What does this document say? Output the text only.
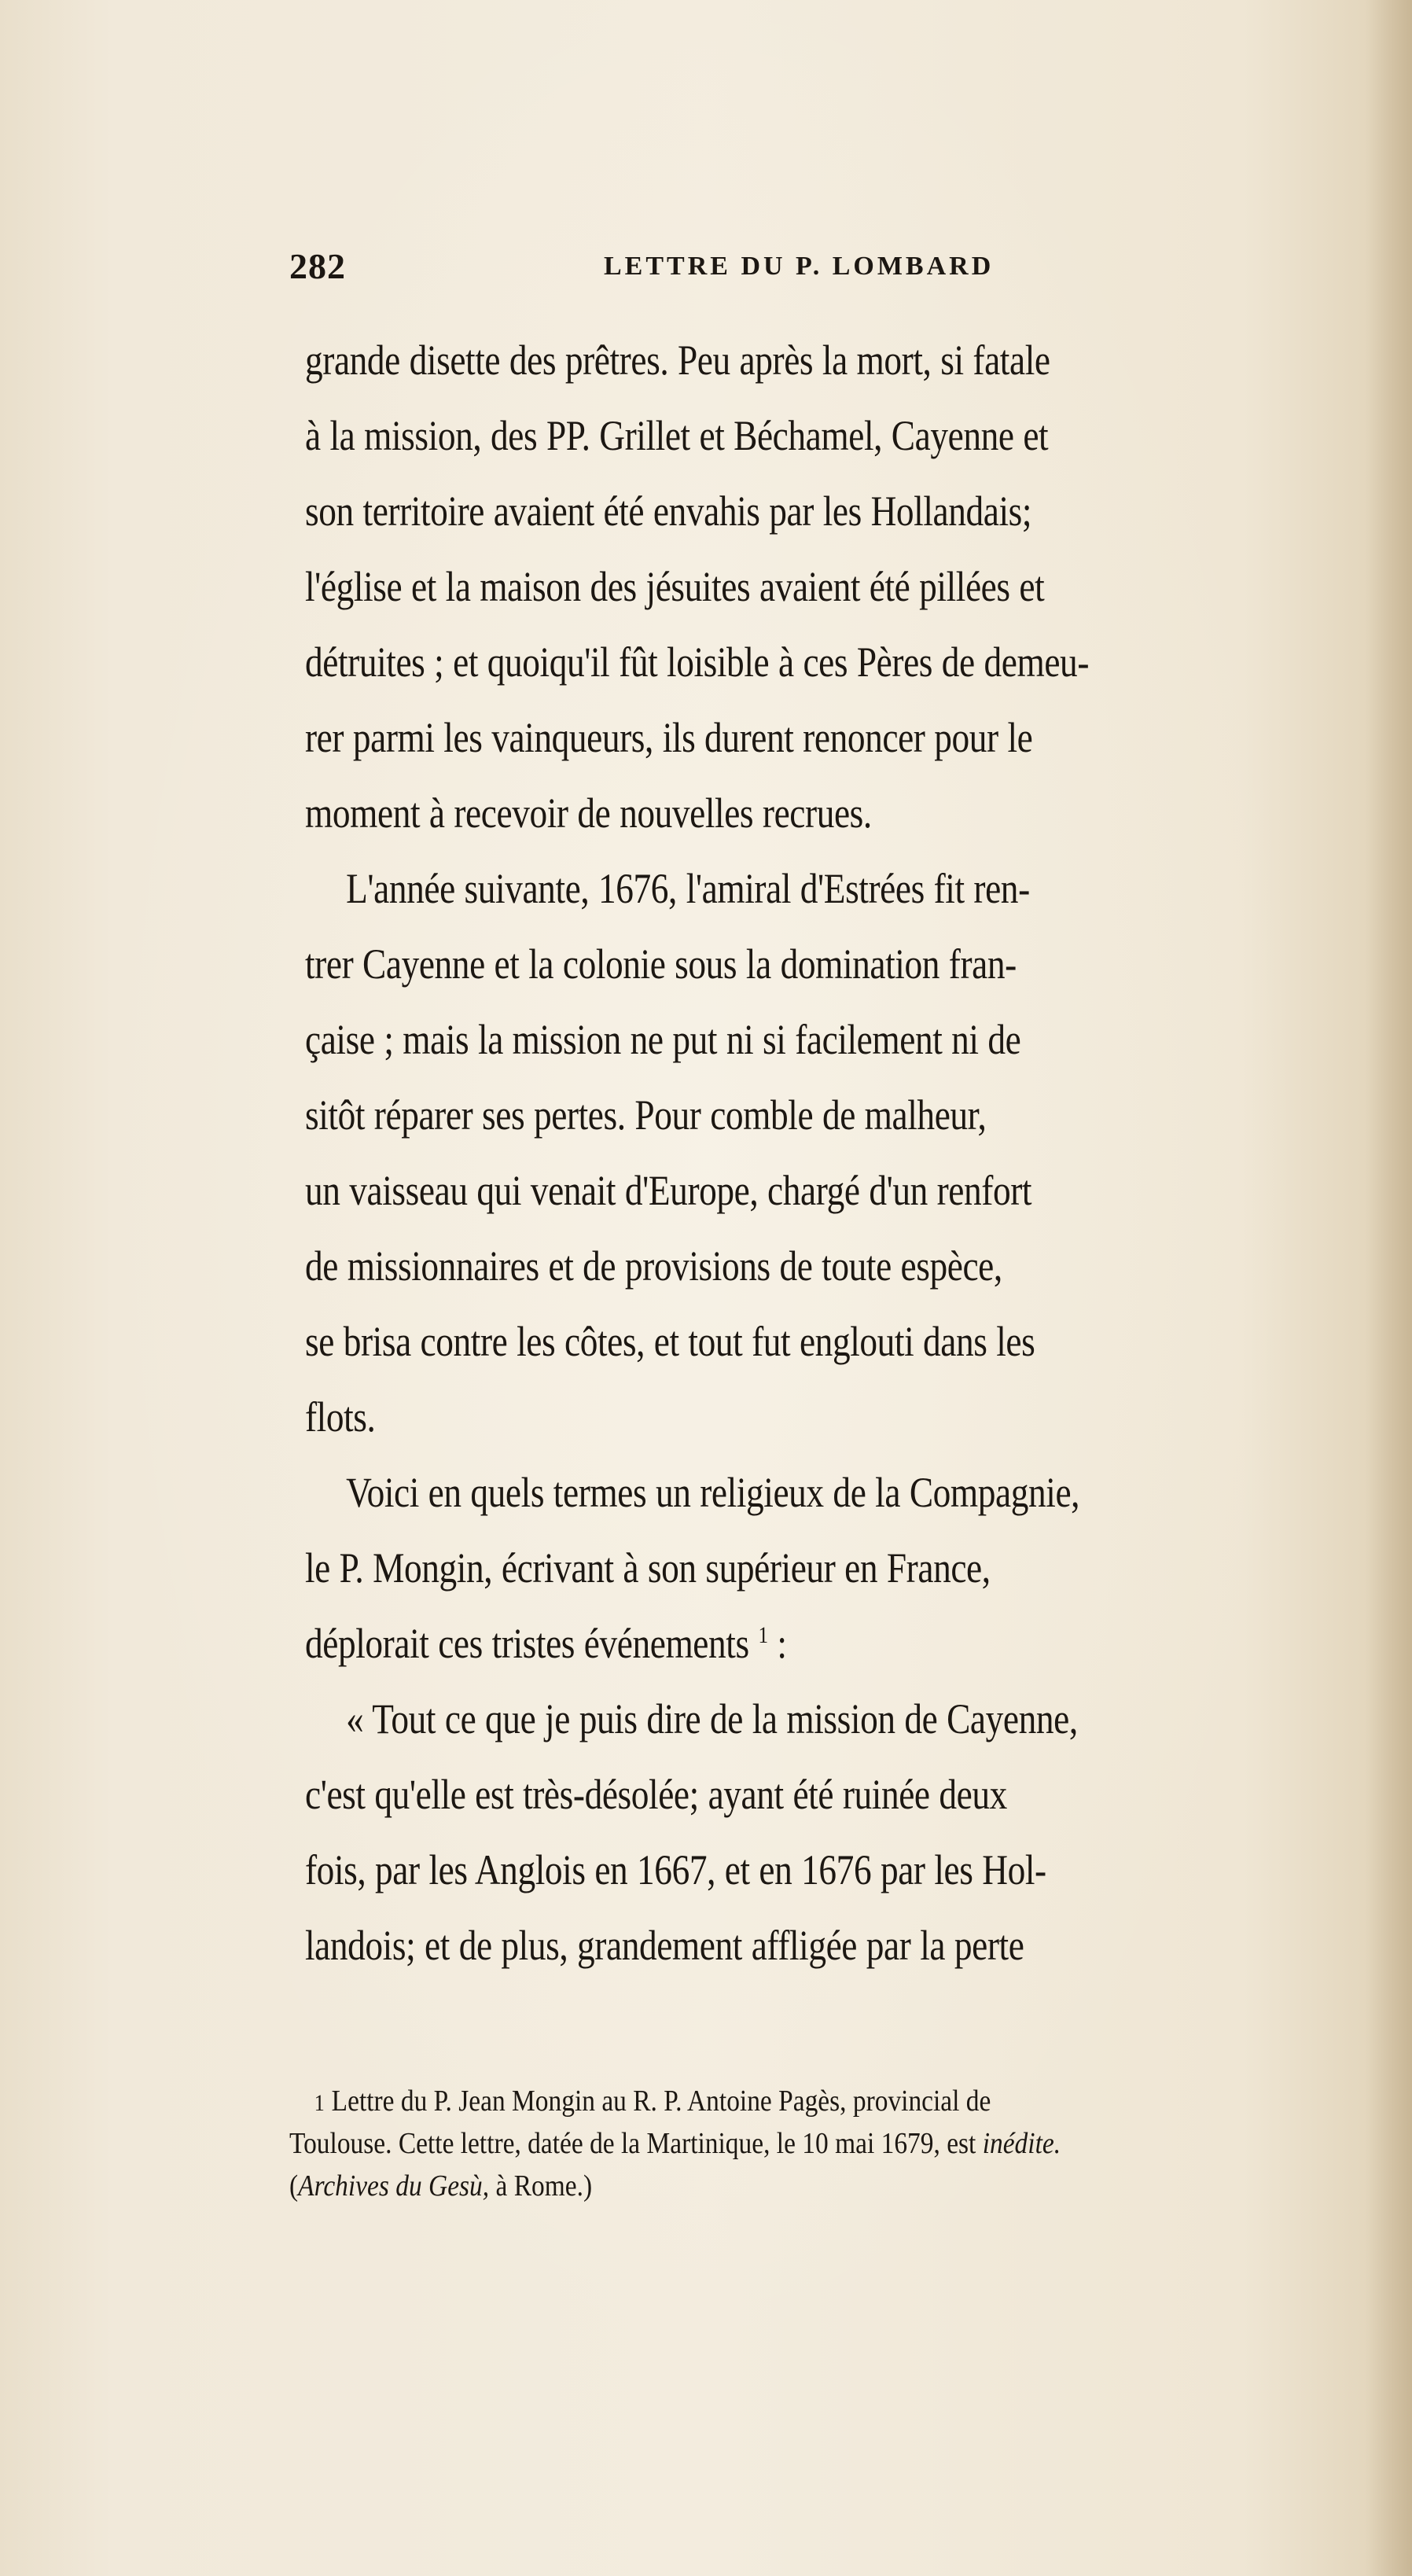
282	LETTRE DU P. LOMBARD
grande disette des prêtres. Peu après la mort, si fatale
à la mission, des PP. Grillet et Béchamel, Cayenne et
son territoire avaient été envahis par les Hollandais;
l'église et la maison des jésuites avaient été pillées et
détruites ; et quoiqu'il fût loisible à ces Pères de demeu-
rer parmi les vainqueurs, ils durent renoncer pour le
moment à recevoir de nouvelles recrues.
L'année suivante, 1676, l'amiral d'Estrées fit ren-
trer Cayenne et la colonie sous la domination fran-
çaise ; mais la mission ne put ni si facilement ni de
sitôt réparer ses pertes. Pour comble de malheur,
un vaisseau qui venait d'Europe, chargé d'un renfort
de missionnaires et de provisions de toute espèce,
se brisa contre les côtes, et tout fut englouti dans les
flots.
Voici en quels termes un religieux de la Compagnie,
le P. Mongin, écrivant à son supérieur en France,
déplorait ces tristes événements $^1$ :
« Tout ce que je puis dire de la mission de Cayenne,
c'est qu'elle est très-désolée; ayant été ruinée deux
fois, par les Anglois en 1667, et en 1676 par les Hol-
landois; et de plus, grandement affligée par la perte
1 Lettre du P. Jean Mongin au R. P. Antoine Pagès, provincial de
Toulouse. Cette lettre, datée de la Martinique, le 10 mai 1679, est inédite.
(Archives du Gesù, à Rome.)
